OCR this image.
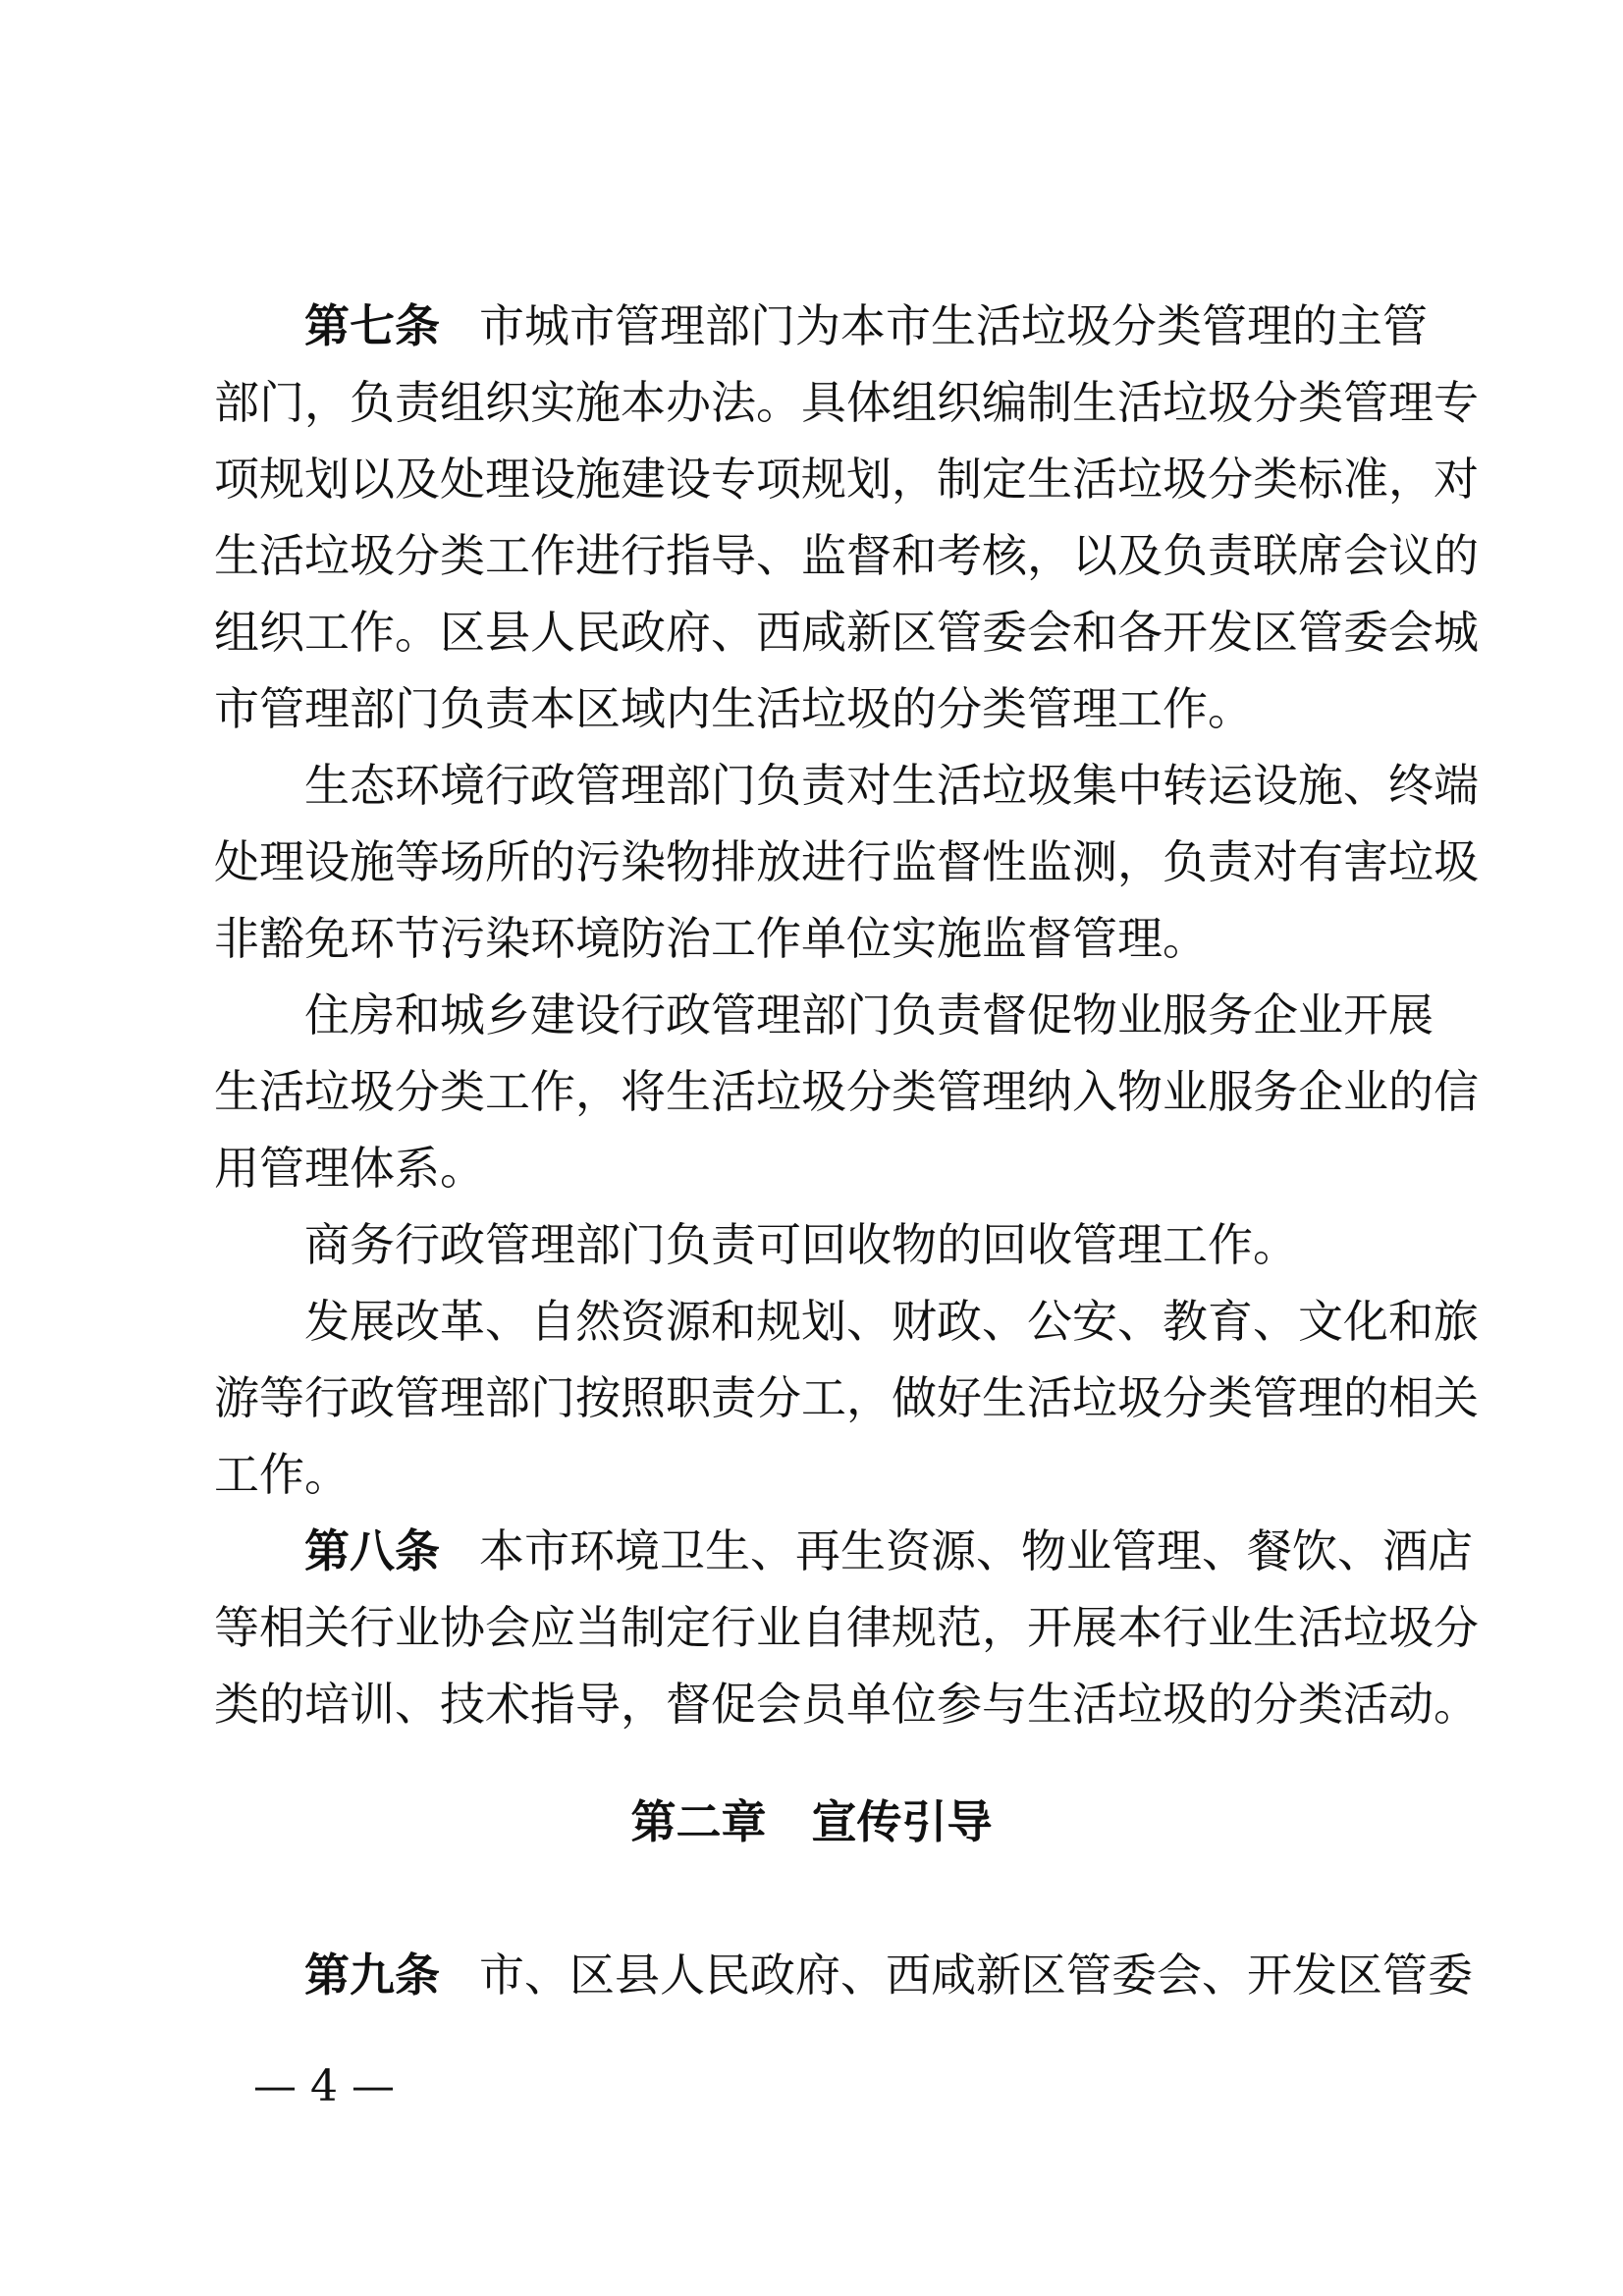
第七条 市城市管理部门为本市生活垃圾分类管理的主管
部门，负责组织实施本办法。具体组织编制生活垃圾分类管理专
项规划以及处理设施建设专项规划，制定生活垃圾分类标准，对
生活垃圾分类工作进行指导、监督和考核，以及负责联席会议的
组织工作。区县人民政府、西咸新区管委会和各开发区管委会城
市管理部门负责本区域内生活垃圾的分类管理工作。
生态环境行政管理部门负责对生活垃圾集中转运设施、终端
处理设施等场所的污染物排放进行监督性监测，负责对有害垃圾
非豁免环节污染环境防治工作单位实施监督管理。
住房和城乡建设行政管理部门负责督促物业服务企业开展
生活垃圾分类工作，将生活垃圾分类管理纳入物业服务企业的信
用管理体系。
商务行政管理部门负责可回收物的回收管理工作。
发展改革、自然资源和规划、财政、公安、教育、文化和旅
游等行政管理部门按照职责分工，做好生活垃圾分类管理的相关
工作。
第八条 本市环境卫生、再生资源、物业管理、餐饮、酒店
等相关行业协会应当制定行业自律规范，开展本行业生活垃圾分
类的培训、技术指导，督促会员单位参与生活垃圾的分类活动。
第二章 宣传引导
第九条 市、区县人民政府、西咸新区管委会、开发区管委
— 4 —
